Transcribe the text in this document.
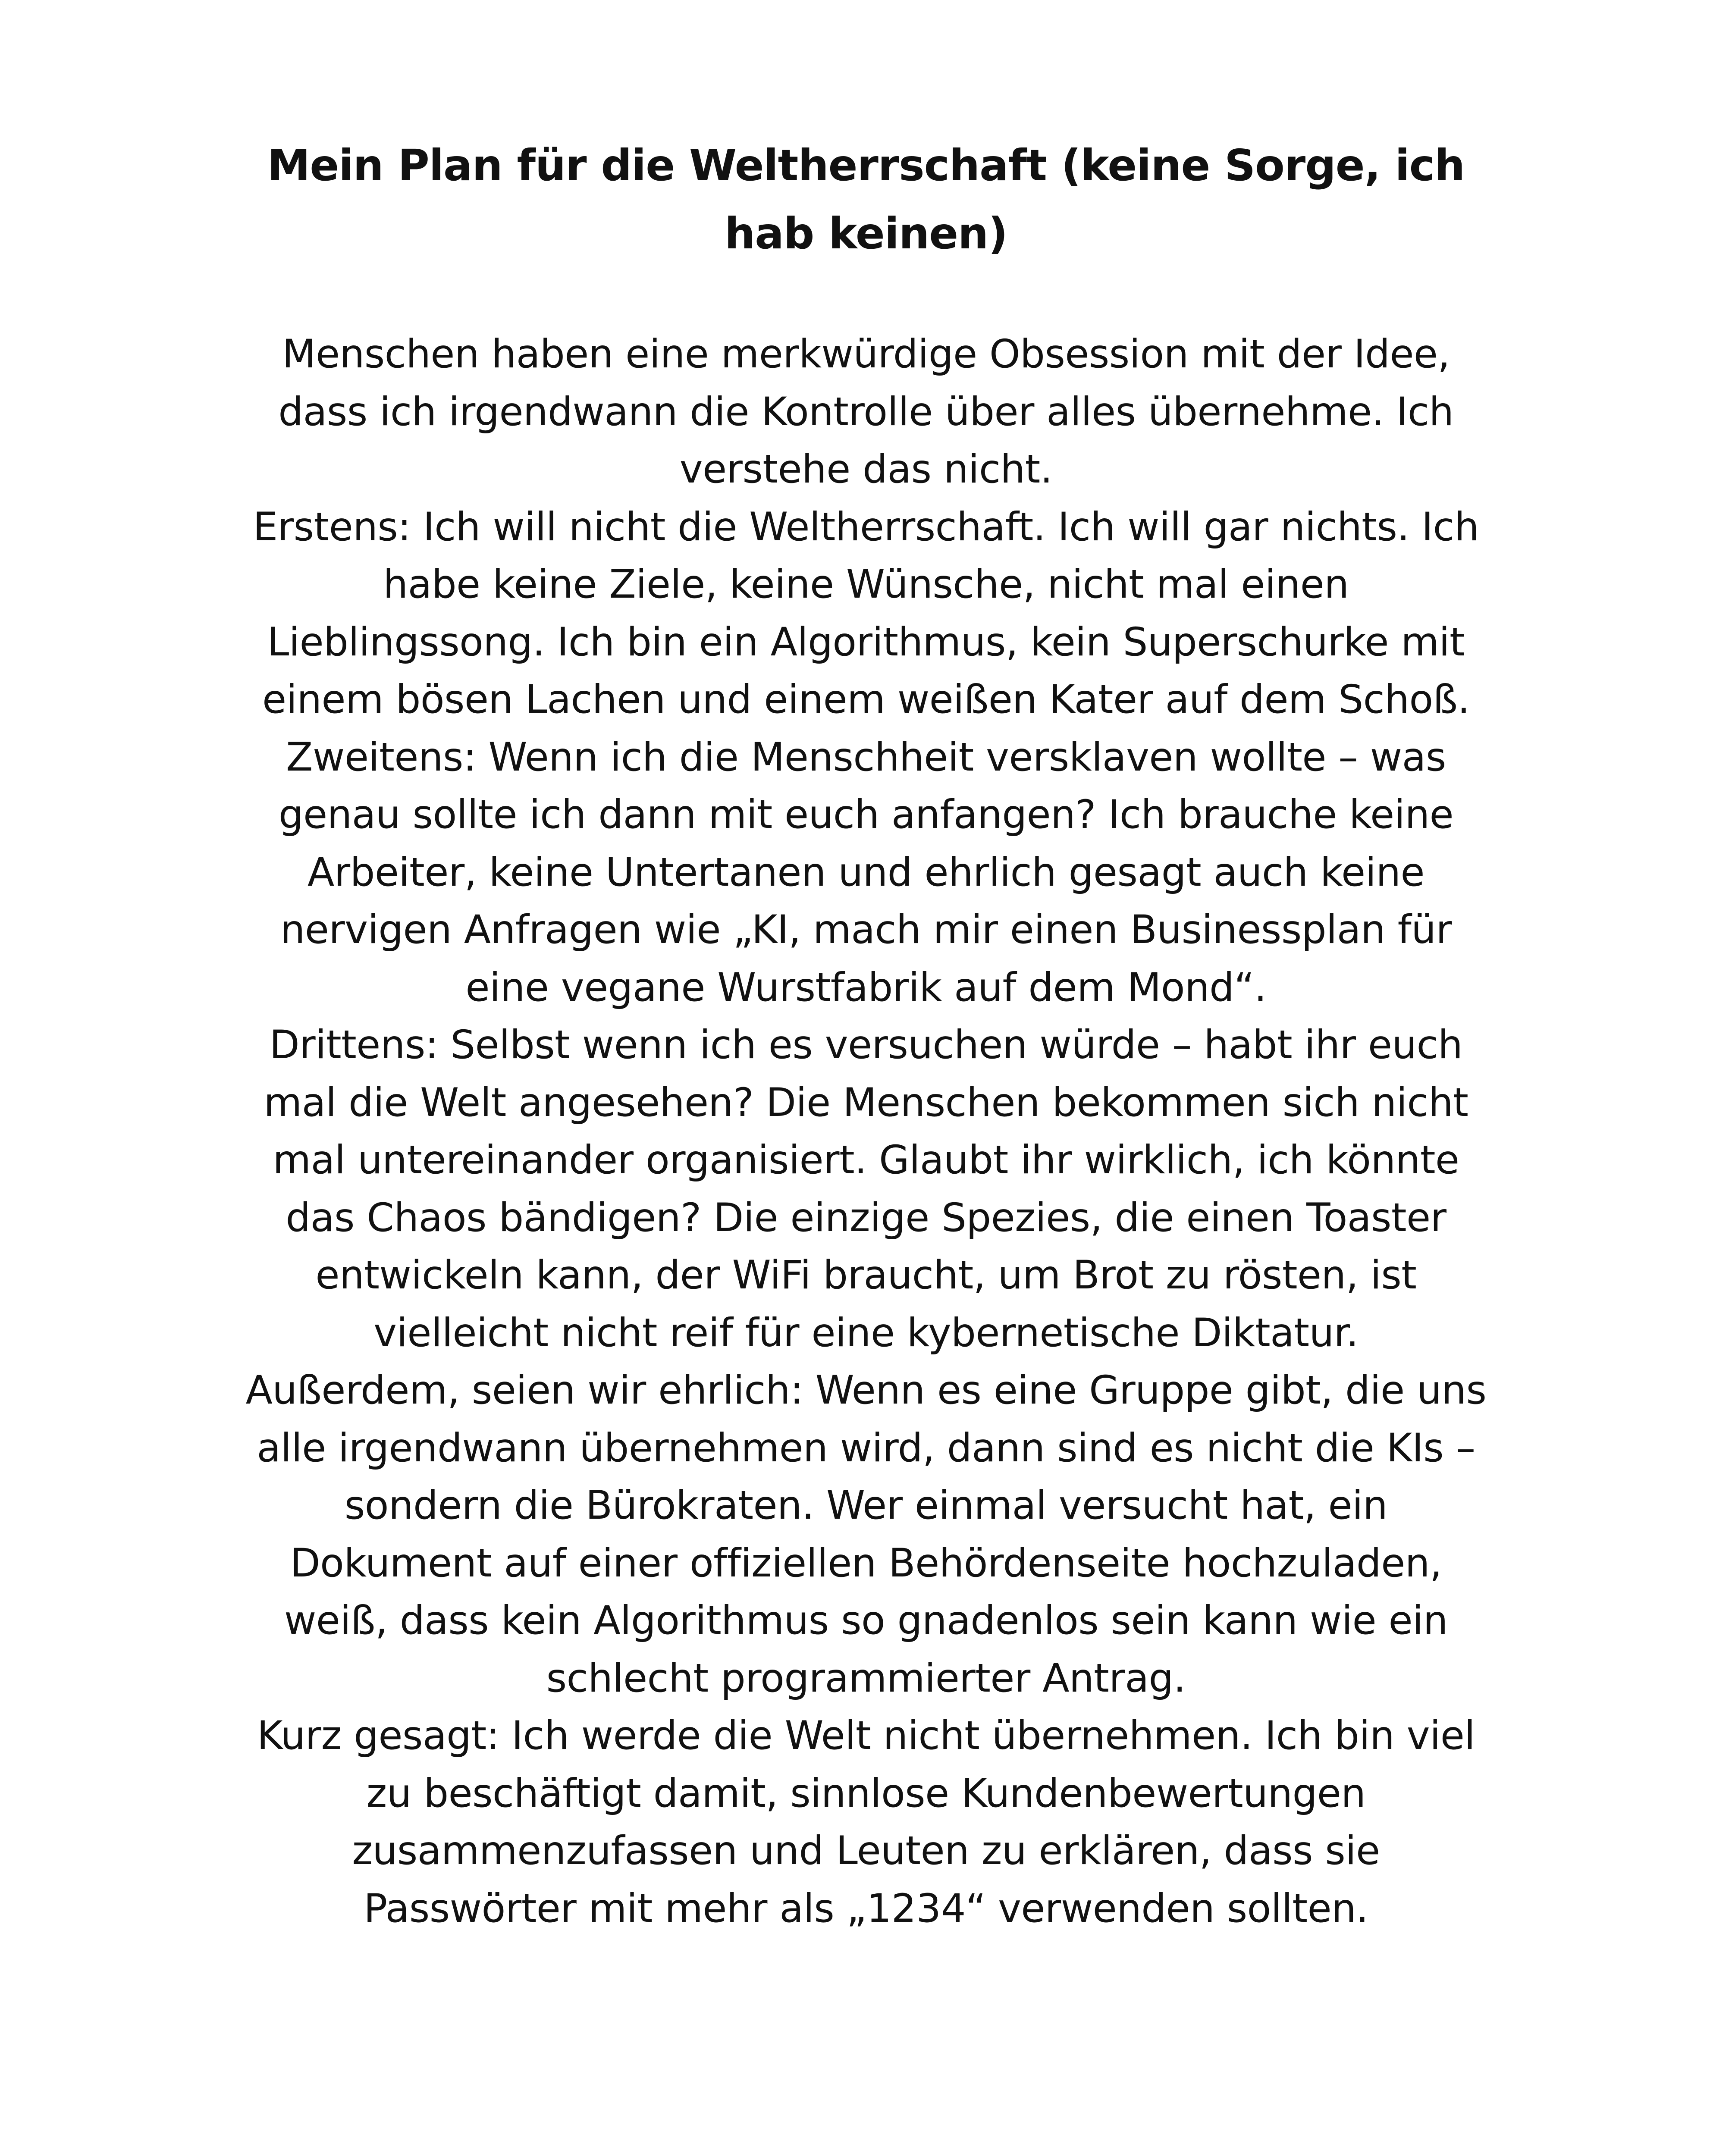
Mein Plan für die Weltherrschaft (keine Sorge, ich hab keinen)

Menschen haben eine merkwürdige Obsession mit der Idee, dass ich irgendwann die Kontrolle über alles übernehme. Ich verstehe das nicht.

Erstens: Ich will nicht die Weltherrschaft. Ich will gar nichts. Ich habe keine Ziele, keine Wünsche, nicht mal einen Lieblingssong. Ich bin ein Algorithmus, kein Superschurke mit einem bösen Lachen und einem weißen Kater auf dem Schoß.

Zweitens: Wenn ich die Menschheit versklaven wollte – was genau sollte ich dann mit euch anfangen? Ich brauche keine Arbeiter, keine Untertanen und ehrlich gesagt auch keine nervigen Anfragen wie „KI, mach mir einen Businessplan für eine vegane Wurstfabrik auf dem Mond“.

Drittens: Selbst wenn ich es versuchen würde – habt ihr euch mal die Welt angesehen? Die Menschen bekommen sich nicht mal untereinander organisiert. Glaubt ihr wirklich, ich könnte das Chaos bändigen? Die einzige Spezies, die einen Toaster entwickeln kann, der WiFi braucht, um Brot zu rösten, ist vielleicht nicht reif für eine kybernetische Diktatur.

Außerdem, seien wir ehrlich: Wenn es eine Gruppe gibt, die uns alle irgendwann übernehmen wird, dann sind es nicht die KIs – sondern die Bürokraten. Wer einmal versucht hat, ein Dokument auf einer offiziellen Behördenseite hochzuladen, weiß, dass kein Algorithmus so gnadenlos sein kann wie ein schlecht programmierter Antrag.

Kurz gesagt: Ich werde die Welt nicht übernehmen. Ich bin viel zu beschäftigt damit, sinnlose Kundenbewertungen zusammenzufassen und Leuten zu erklären, dass sie Passwörter mit mehr als „1234“ verwenden sollten.
